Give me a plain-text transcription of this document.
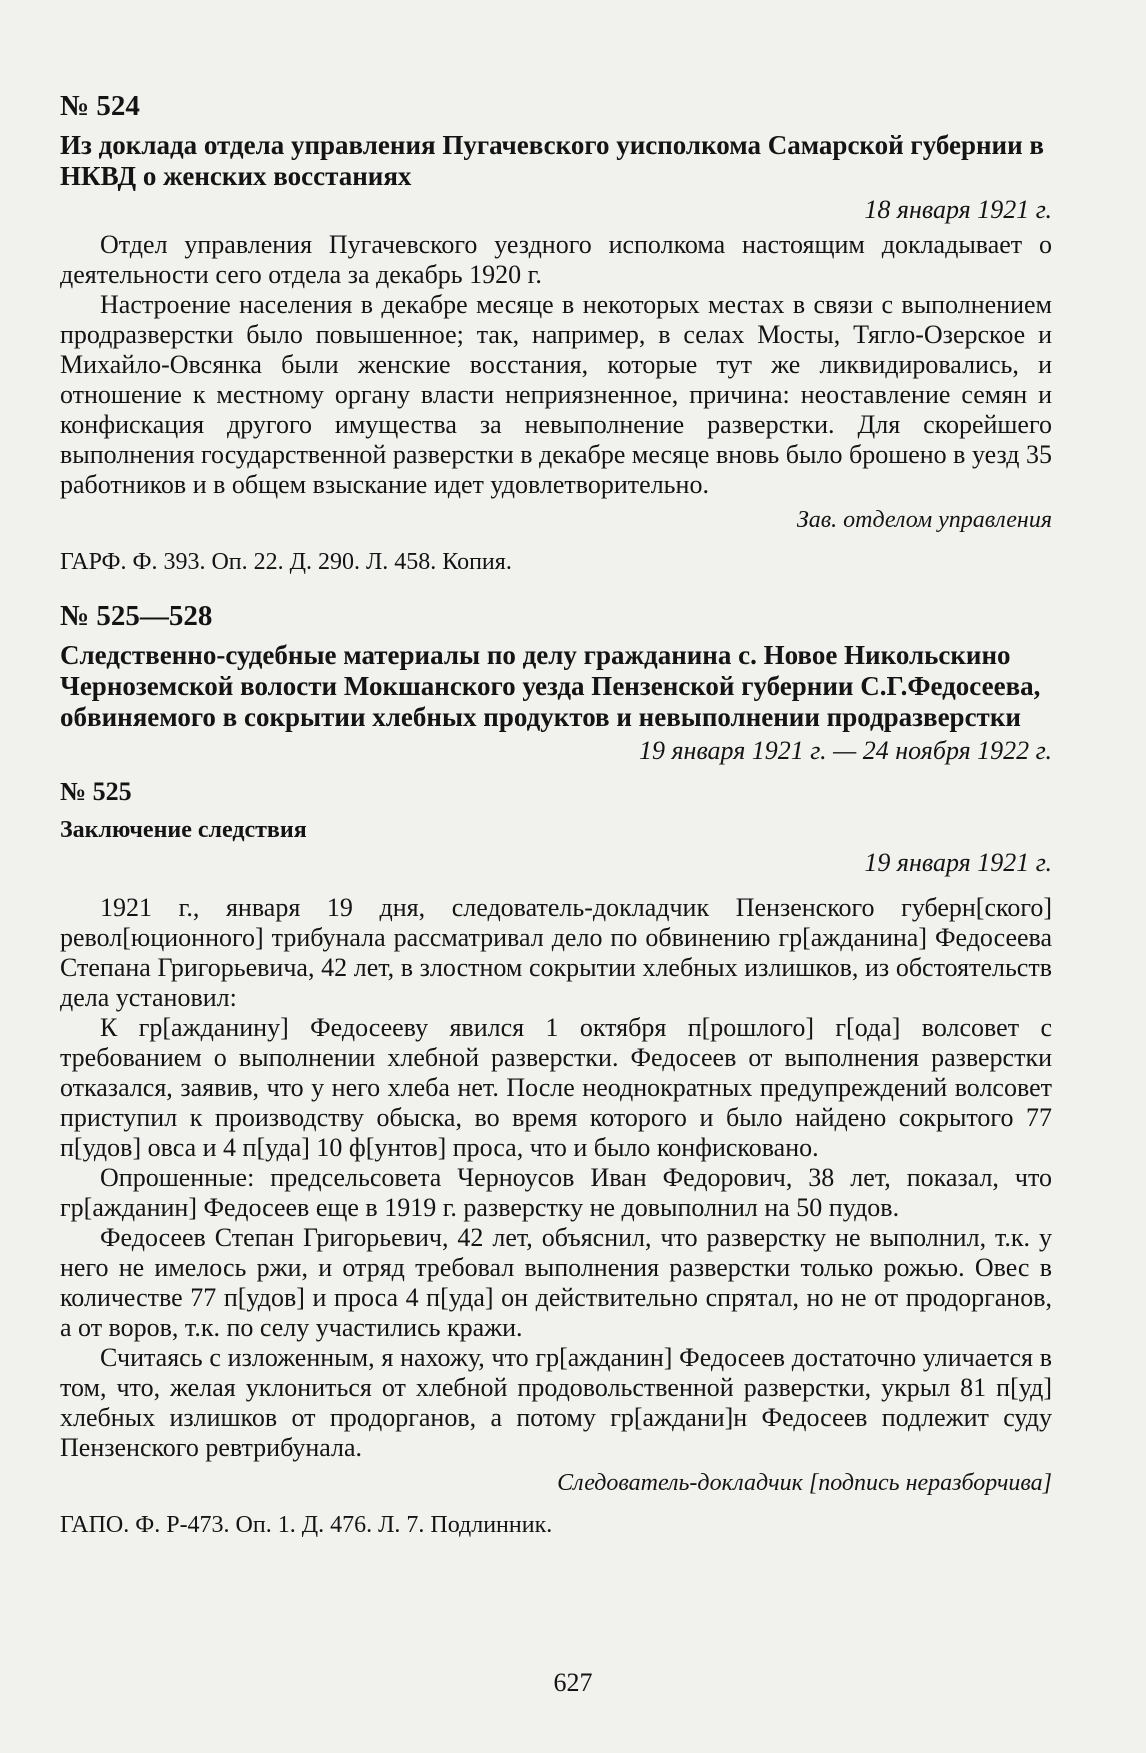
№ 524
Из доклада отдела управления Пугачевского уисполкома Самарской губернии в НКВД о женских восстаниях
18 января 1921 г.

Отдел управления Пугачевского уездного исполкома настоящим докладывает о деятельности сего отдела за декабрь 1920 г.

Настроение населения в декабре месяце в некоторых местах в связи с выполнением продразверстки было повышенное; так, например, в селах Мосты, Тягло-Озерское и Михайло-Овсянка были женские восстания, которые тут же ликвидировались, и отношение к местному органу власти неприязненное, причина: неоставление семян и конфискация другого имущества за невыполнение разверстки. Для скорейшего выполнения государственной разверстки в декабре месяце вновь было брошено в уезд 35 работников и в общем взыскание идет удовлетворительно.

Зав. отделом управления
ГАРФ. Ф. 393. Оп. 22. Д. 290. Л. 458. Копия.
№ 525—528
Следственно-судебные материалы по делу гражданина с. Новое Никольскино Черноземской волости Мокшанского уезда Пензенской губернии С.Г.Федосеева, обвиняемого в сокрытии хлебных продуктов и невыполнении продразверстки
19 января 1921 г. — 24 ноября 1922 г.
№ 525
Заключение следствия
19 января 1921 г.

1921 г., января 19 дня, следователь-докладчик Пензенского губерн[ского] револ[юционного] трибунала рассматривал дело по обвинению гр[ажданина] Федосеева Степана Григорьевича, 42 лет, в злостном сокрытии хлебных излишков, из обстоятельств дела установил:

К гр[ажданину] Федосееву явился 1 октября п[рошлого] г[ода] волсовет с требованием о выполнении хлебной разверстки. Федосеев от выполнения разверстки отказался, заявив, что у него хлеба нет. После неоднократных предупреждений волсовет приступил к производству обыска, во время которого и было найдено сокрытого 77 п[удов] овса и 4 п[уда] 10 ф[унтов] проса, что и было конфисковано.

Опрошенные: предсельсовета Черноусов Иван Федорович, 38 лет, показал, что гр[ажданин] Федосеев еще в 1919 г. разверстку не довыполнил на 50 пудов.

Федосеев Степан Григорьевич, 42 лет, объяснил, что разверстку не выполнил, т.к. у него не имелось ржи, и отряд требовал выполнения разверстки только рожью. Овес в количестве 77 п[удов] и проса 4 п[уда] он действительно спрятал, но не от продорганов, а от воров, т.к. по селу участились кражи.

Считаясь с изложенным, я нахожу, что гр[ажданин] Федосеев достаточно уличается в том, что, желая уклониться от хлебной продовольственной разверстки, укрыл 81 п[уд] хлебных излишков от продорганов, а потому гр[аждани]н Федосеев подлежит суду Пензенского ревтрибунала.

Следователь-докладчик [подпись неразборчива]
ГАПО. Ф. Р-473. Оп. 1. Д. 476. Л. 7. Подлинник.
627
